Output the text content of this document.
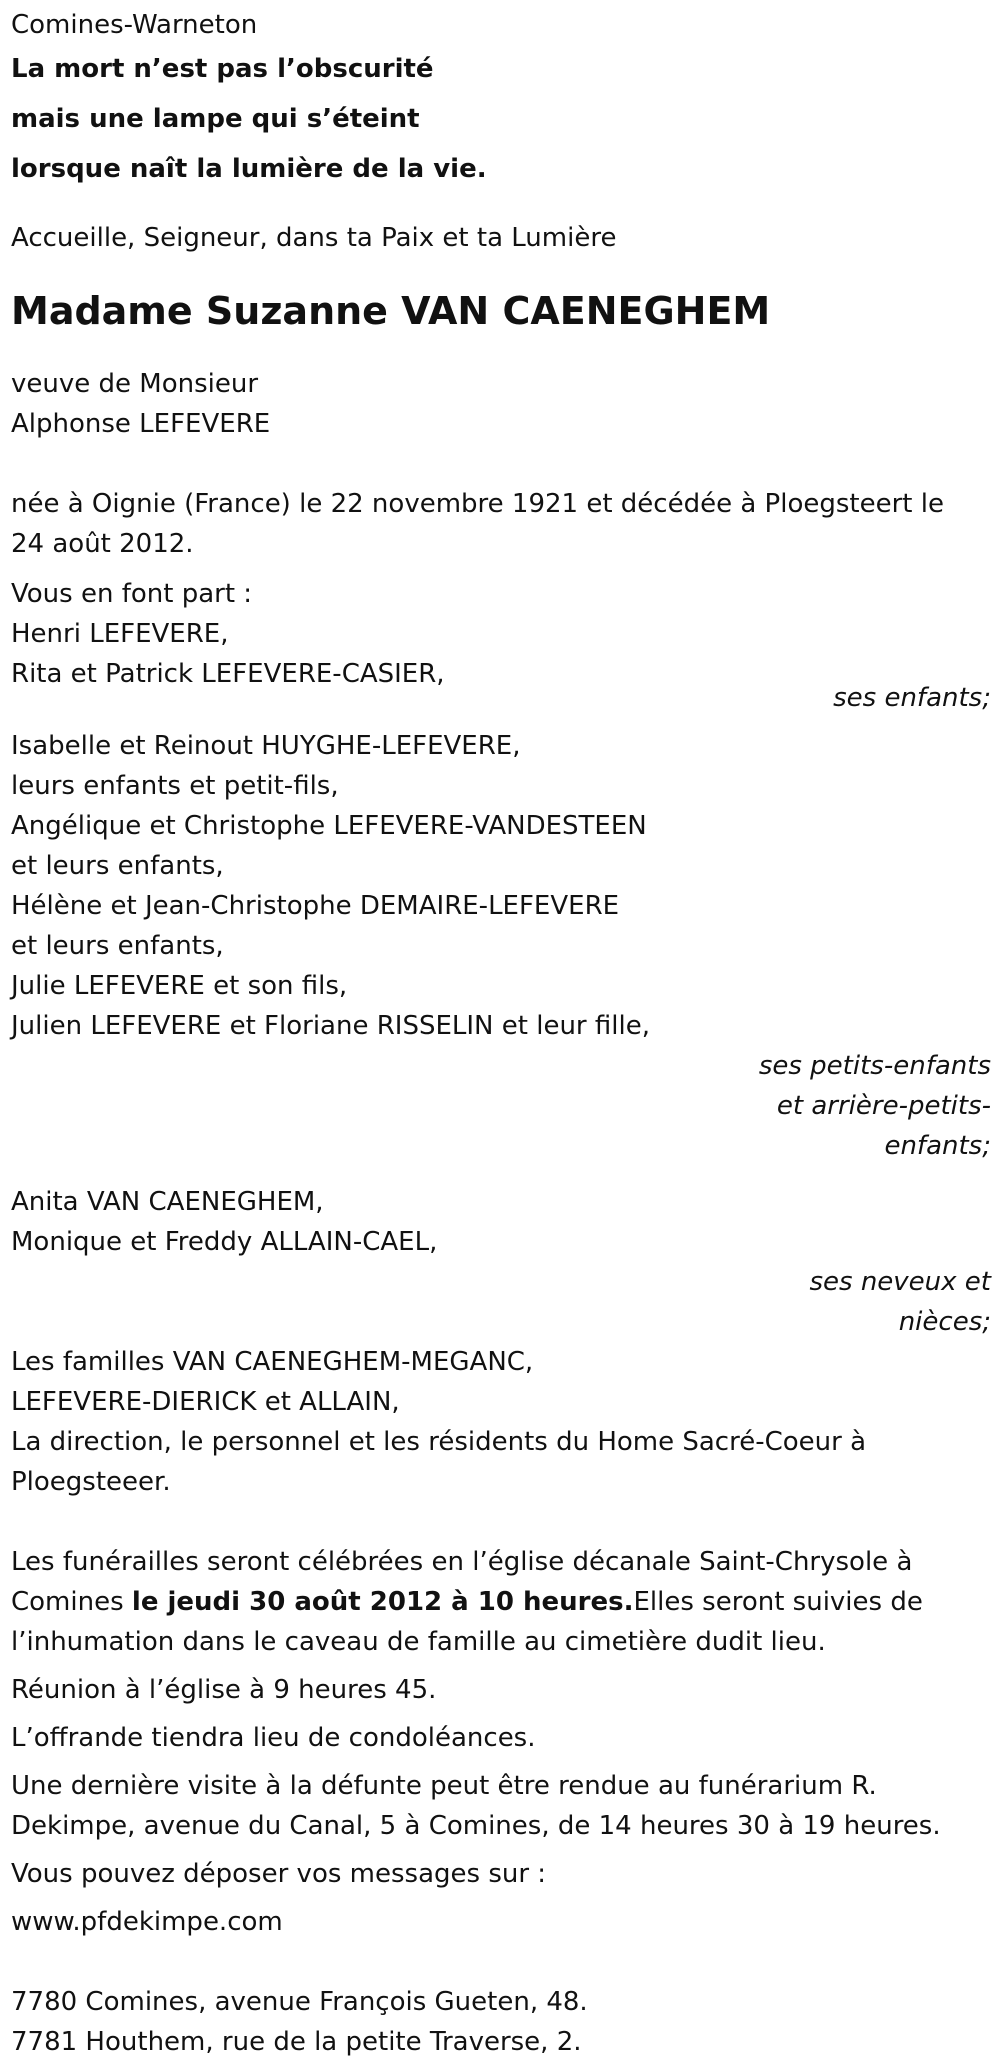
Comines-Warneton

La mort n’est pas l’obscurité

mais une lampe qui s’éteint

lorsque naît la lumière de la vie.

Accueille, Seigneur, dans ta Paix et ta Lumière

Madame Suzanne VAN CAENEGHEM

veuve de Monsieur

Alphonse LEFEVERE

née à Oignie (France) le 22 novembre 1921 et décédée à Ploegsteert le

24 août 2012.

Vous en font part :

Henri LEFEVERE,

Rita et Patrick LEFEVERE-CASIER,

ses enfants;

Isabelle et Reinout HUYGHE-LEFEVERE,

leurs enfants et petit-fils,

Angélique et Christophe LEFEVERE-VANDESTEEN

et leurs enfants,

Hélène et Jean-Christophe DEMAIRE-LEFEVERE

et leurs enfants,

Julie LEFEVERE et son fils,

Julien LEFEVERE et Floriane RISSELIN et leur fille,

ses petits-enfants
et arrière-petits-
enfants;

Anita VAN CAENEGHEM,

Monique et Freddy ALLAIN-CAEL,

ses neveux et
nièces;

Les familles VAN CAENEGHEM-MEGANC,

LEFEVERE-DIERICK et ALLAIN,

La direction, le personnel et les résidents du Home Sacré-Coeur à

Ploegsteeer.

Les funérailles seront célébrées en l’église décanale Saint-Chrysole à

Comines le jeudi 30 août 2012 à 10 heures.Elles seront suivies de

l’inhumation dans le caveau de famille au cimetière dudit lieu.

Réunion à l’église à 9 heures 45.

L’offrande tiendra lieu de condoléances.

Une dernière visite à la défunte peut être rendue au funérarium R.

Dekimpe, avenue du Canal, 5 à Comines, de 14 heures 30 à 19 heures.

Vous pouvez déposer vos messages sur :

www.pfdekimpe.com

7780 Comines, avenue François Gueten, 48.

7781 Houthem, rue de la petite Traverse, 2.
